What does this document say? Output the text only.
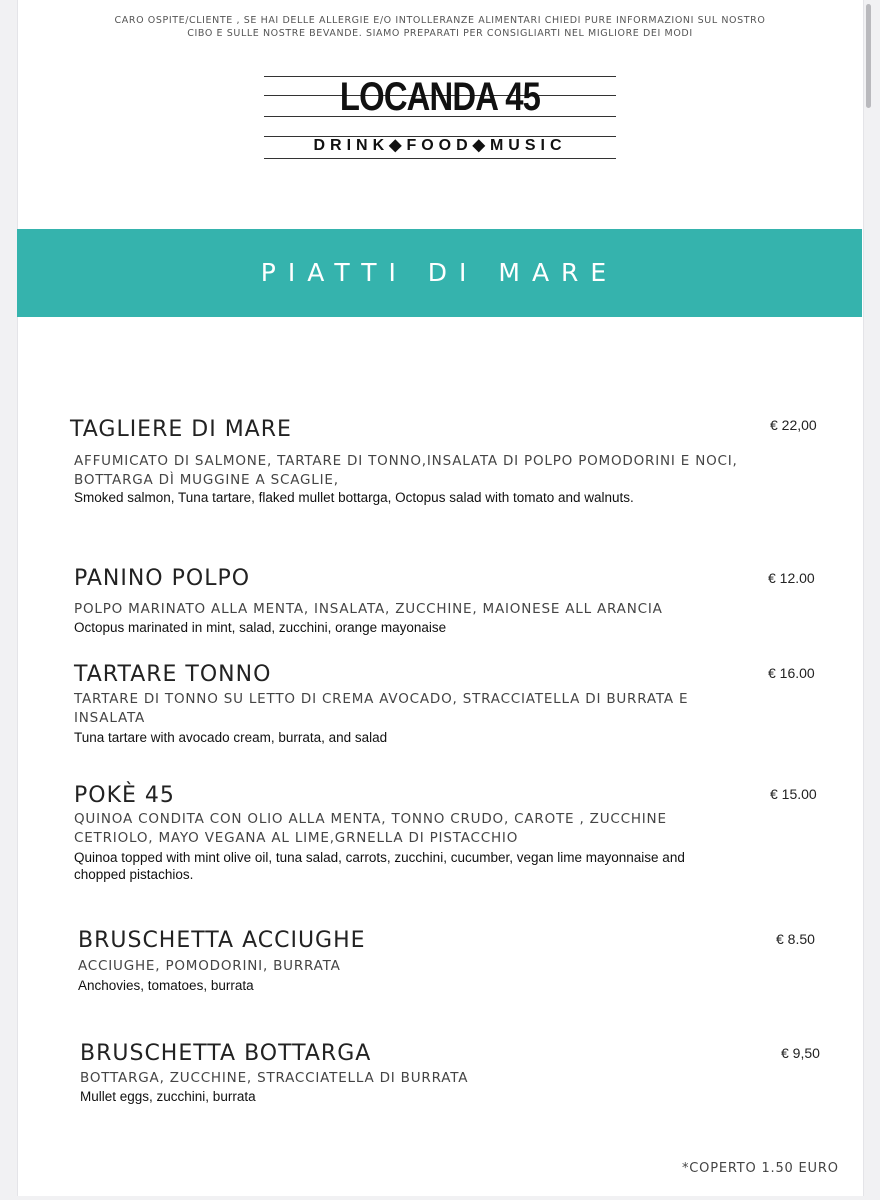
CARO OSPITE/CLIENTE , SE HAI DELLE ALLERGIE E/O INTOLLERANZE ALIMENTARI CHIEDI PURE INFORMAZIONI SUL NOSTRO CIBO E SULLE NOSTRE BEVANDE. SIAMO PREPARATI PER CONSIGLIARTI NEL MIGLIORE DEI MODI
LOCANDA 45
DRINK◆FOOD◆MUSIC
PIATTI DI MARE
TAGLIERE DI MARE	€ 22,00
AFFUMICATO DI SALMONE, TARTARE DI TONNO,INSALATA DI POLPO POMODORINI E NOCI, BOTTARGA DÌ MUGGINE A SCAGLIE,
Smoked salmon, Tuna tartare, flaked mullet bottarga, Octopus salad with tomato and walnuts.
PANINO POLPO	€ 12.00
POLPO MARINATO ALLA MENTA, INSALATA, ZUCCHINE, MAIONESE ALL ARANCIA
Octopus marinated in mint, salad, zucchini, orange mayonaise
TARTARE TONNO	€ 16.00
TARTARE DI TONNO SU LETTO DI CREMA AVOCADO, STRACCIATELLA DI BURRATA E INSALATA
Tuna tartare with avocado cream, burrata, and salad
POKÈ 45	€ 15.00
QUINOA CONDITA CON OLIO ALLA MENTA, TONNO CRUDO, CAROTE , ZUCCHINE CETRIOLO, MAYO VEGANA AL LIME,GRNELLA DI PISTACCHIO
Quinoa topped with mint olive oil, tuna salad, carrots, zucchini, cucumber, vegan lime mayonnaise and chopped pistachios.
BRUSCHETTA ACCIUGHE	€ 8.50
ACCIUGHE, POMODORINI, BURRATA
Anchovies, tomatoes, burrata
BRUSCHETTA BOTTARGA	€ 9,50
BOTTARGA, ZUCCHINE, STRACCIATELLA DI BURRATA
Mullet eggs, zucchini, burrata
*COPERTO 1.50 EURO
